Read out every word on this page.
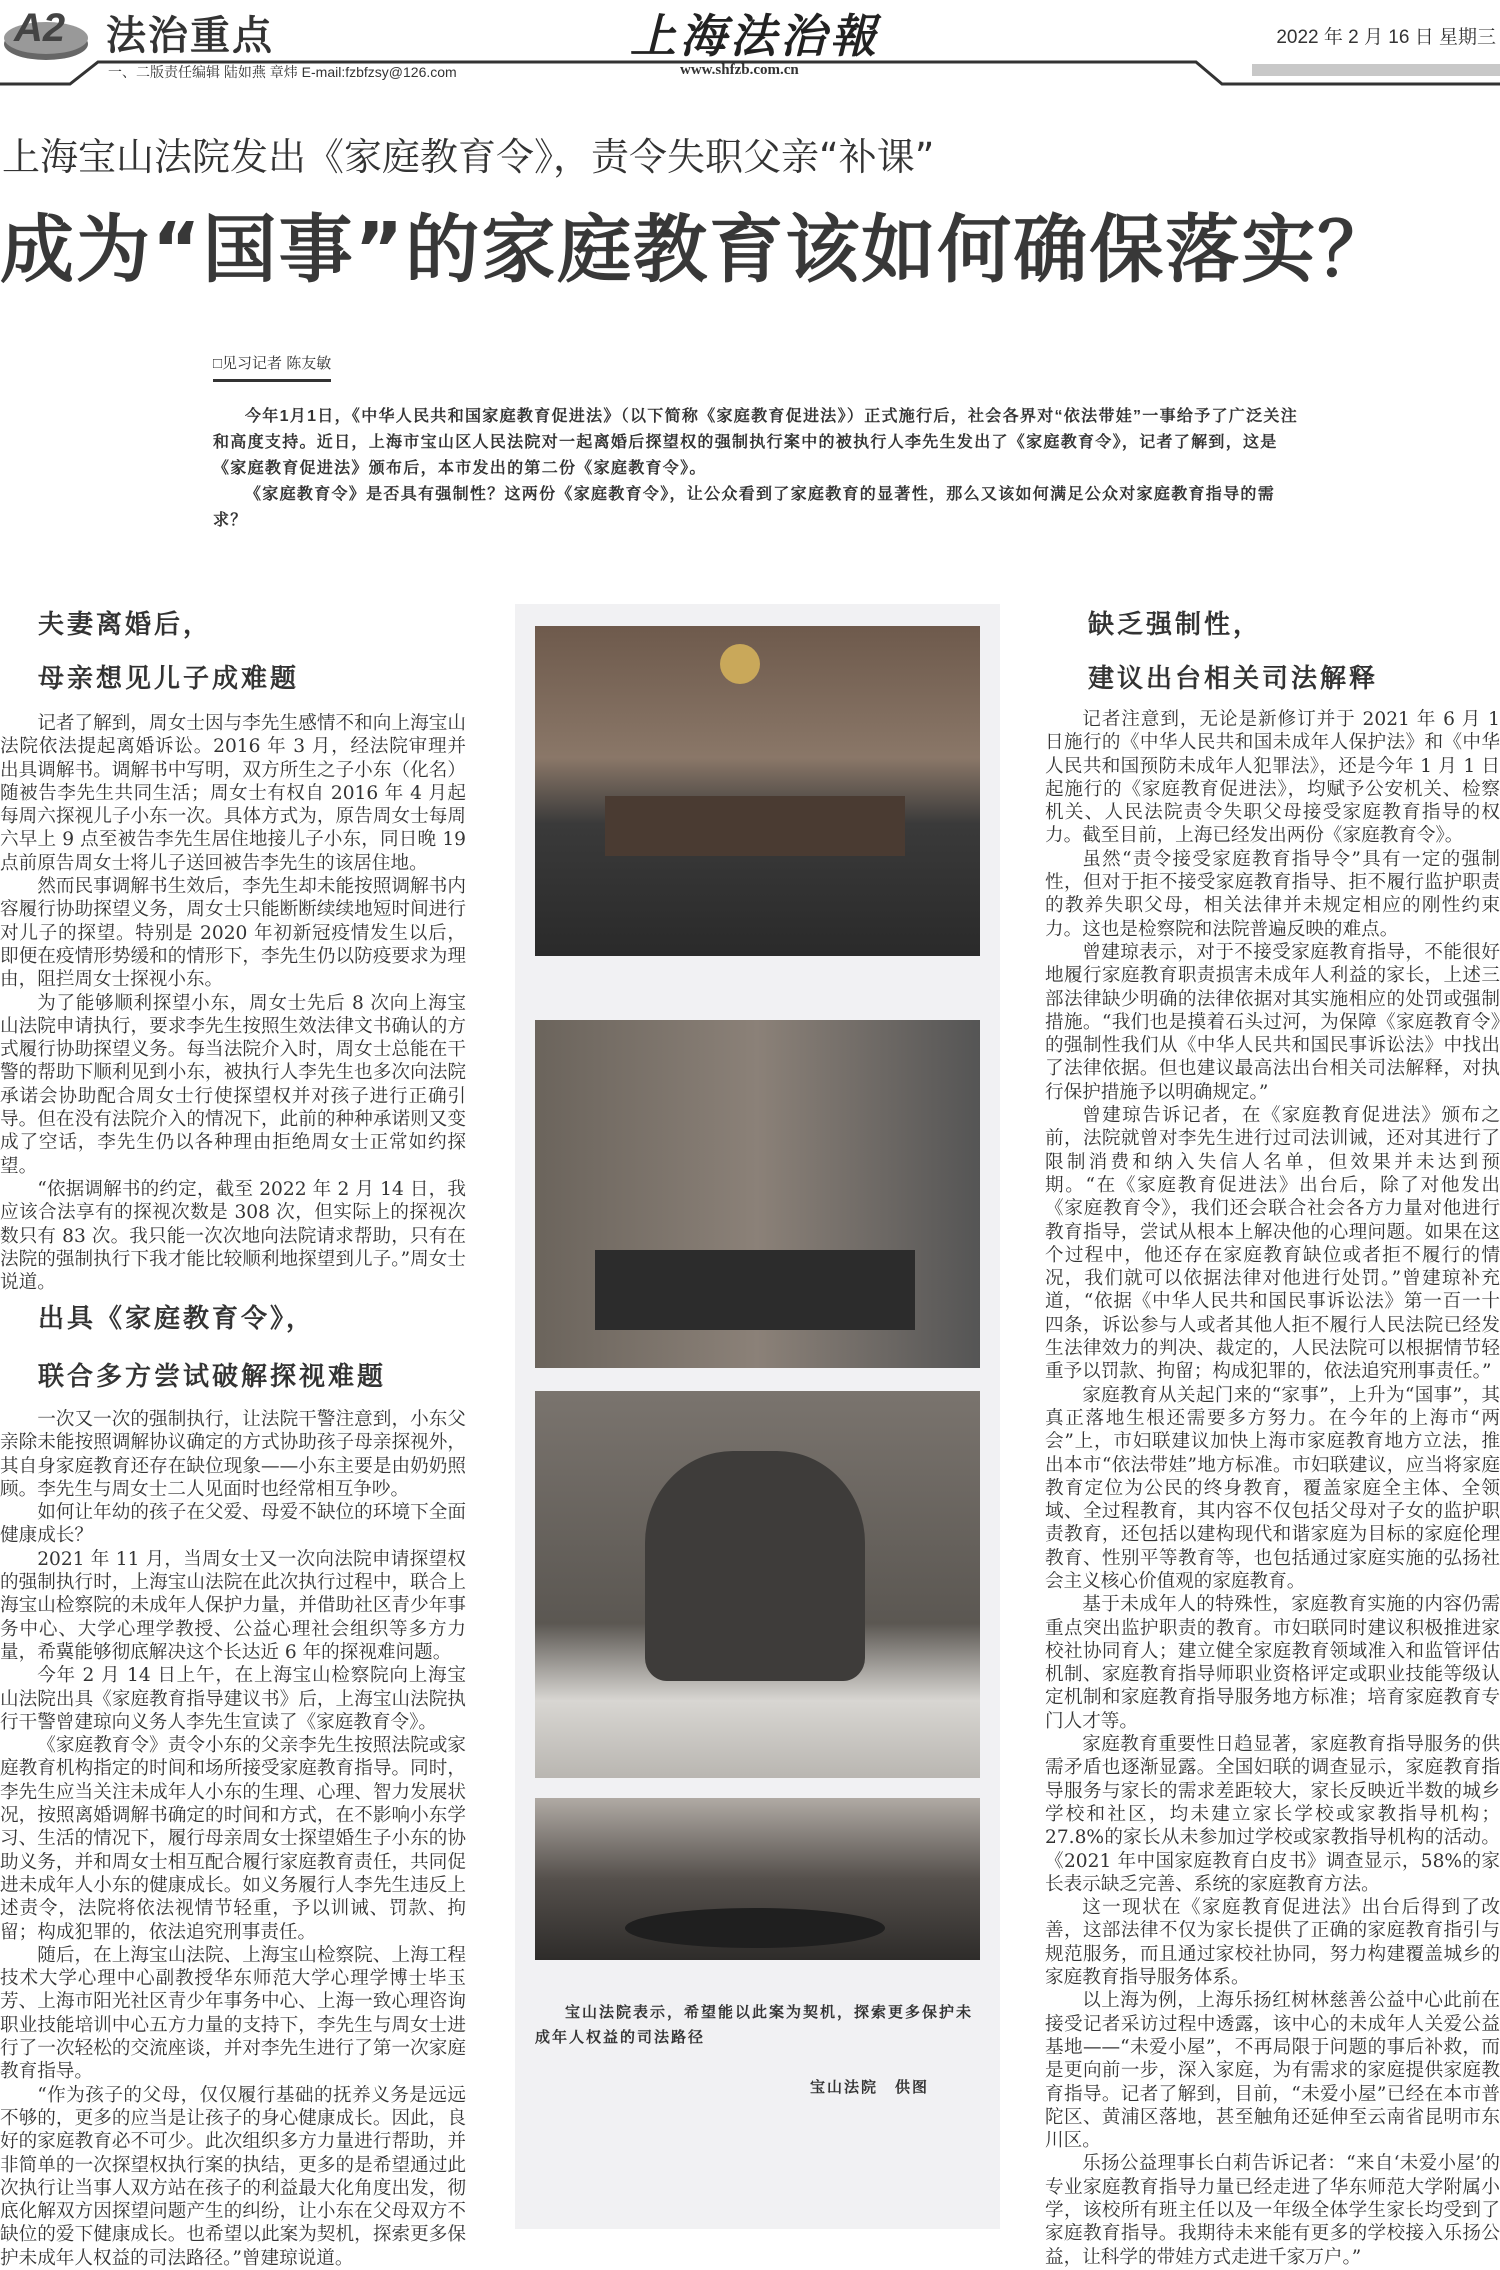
A2 法治重点	上海法治報	2022 年 2 月 16 日 星期三
一、二版责任编辑 陆如燕 章炜 E-mail:fzbfzsy@126.com	www.shfzb.com.cn
上海宝山法院发出《家庭教育令》，责令失职父亲“补课”
成为“国事”的家庭教育该如何确保落实？
□见习记者 陈友敏

今年1月1日，《中华人民共和国家庭教育促进法》（以下简称《家庭教育促进法》）正式施行后，社会各界对“依法带娃”一事给予了广泛关注和高度支持。近日，上海市宝山区人民法院对一起离婚后探望权的强制执行案中的被执行人李先生发出了《家庭教育令》，记者了解到，这是《家庭教育促进法》颁布后，本市发出的第二份《家庭教育令》。

《家庭教育令》是否具有强制性？这两份《家庭教育令》，让公众看到了家庭教育的显著性，那么又该如何满足公众对家庭教育指导的需求？

夫妻离婚后，
母亲想见儿子成难题

记者了解到，周女士因与李先生感情不和向上海宝山法院依法提起离婚诉讼。2016 年 3 月，经法院审理并出具调解书。调解书中写明，双方所生之子小东（化名）随被告李先生共同生活；周女士有权自 2016 年 4 月起每周六探视儿子小东一次。具体方式为，原告周女士每周六早上 9 点至被告李先生居住地接儿子小东，同日晚 19 点前原告周女士将儿子送回被告李先生的该居住地。

然而民事调解书生效后，李先生却未能按照调解书内容履行协助探望义务，周女士只能断断续续地短时间进行对儿子的探望。特别是 2020 年初新冠疫情发生以后，即便在疫情形势缓和的情形下，李先生仍以防疫要求为理由，阻拦周女士探视小东。

为了能够顺利探望小东，周女士先后 8 次向上海宝山法院申请执行，要求李先生按照生效法律文书确认的方式履行协助探望义务。每当法院介入时，周女士总能在干警的帮助下顺利见到小东，被执行人李先生也多次向法院承诺会协助配合周女士行使探望权并对孩子进行正确引导。但在没有法院介入的情况下，此前的种种承诺则又变成了空话，李先生仍以各种理由拒绝周女士正常如约探望。

“依据调解书的约定，截至 2022 年 2 月 14 日，我应该合法享有的探视次数是 308 次，但实际上的探视次数只有 83 次。我只能一次次地向法院请求帮助，只有在法院的强制执行下我才能比较顺利地探望到儿子。”周女士说道。

出具《家庭教育令》，
联合多方尝试破解探视难题

一次又一次的强制执行，让法院干警注意到，小东父亲除未能按照调解协议确定的方式协助孩子母亲探视外，其自身家庭教育还存在缺位现象——小东主要是由奶奶照顾。李先生与周女士二人见面时也经常相互争吵。

如何让年幼的孩子在父爱、母爱不缺位的环境下全面健康成长？

2021 年 11 月，当周女士又一次向法院申请探望权的强制执行时，上海宝山法院在此次执行过程中，联合上海宝山检察院的未成年人保护力量，并借助社区青少年事务中心、大学心理学教授、公益心理社会组织等多方力量，希冀能够彻底解决这个长达近 6 年的探视难问题。

今年 2 月 14 日上午，在上海宝山检察院向上海宝山法院出具《家庭教育指导建议书》后，上海宝山法院执行干警曾建琼向义务人李先生宣读了《家庭教育令》。

《家庭教育令》责令小东的父亲李先生按照法院或家庭教育机构指定的时间和场所接受家庭教育指导。同时，李先生应当关注未成年人小东的生理、心理、智力发展状况，按照离婚调解书确定的时间和方式，在不影响小东学习、生活的情况下，履行母亲周女士探望婚生子小东的协助义务，并和周女士相互配合履行家庭教育责任，共同促进未成年人小东的健康成长。如义务履行人李先生违反上述责令，法院将依法视情节轻重，予以训诫、罚款、拘留；构成犯罪的，依法追究刑事责任。

随后，在上海宝山法院、上海宝山检察院、上海工程技术大学心理中心副教授华东师范大学心理学博士毕玉芳、上海市阳光社区青少年事务中心、上海一致心理咨询职业技能培训中心五方力量的支持下，李先生与周女士进行了一次轻松的交流座谈，并对李先生进行了第一次家庭教育指导。

“作为孩子的父母，仅仅履行基础的抚养义务是远远不够的，更多的应当是让孩子的身心健康成长。因此，良好的家庭教育必不可少。此次组织多方力量进行帮助，并非简单的一次探望权执行案的执结，更多的是希望通过此次执行让当事人双方站在孩子的利益最大化角度出发，彻底化解双方因探望问题产生的纠纷，让小东在父母双方不缺位的爱下健康成长。也希望以此案为契机，探索更多保护未成年人权益的司法路径。”曾建琼说道。

宝山法院表示，希望能以此案为契机，探索更多保护未成年人权益的司法路径
宝山法院　供图
缺乏强制性，
建议出台相关司法解释

记者注意到，无论是新修订并于 2021 年 6 月 1 日施行的《中华人民共和国未成年人保护法》和《中华人民共和国预防未成年人犯罪法》，还是今年 1 月 1 日起施行的《家庭教育促进法》，均赋予公安机关、检察机关、人民法院责令失职父母接受家庭教育指导的权力。截至目前，上海已经发出两份《家庭教育令》。

虽然“责令接受家庭教育指导令”具有一定的强制性，但对于拒不接受家庭教育指导、拒不履行监护职责的教养失职父母，相关法律并未规定相应的刚性约束力。这也是检察院和法院普遍反映的难点。

曾建琼表示，对于不接受家庭教育指导，不能很好地履行家庭教育职责损害未成年人利益的家长，上述三部法律缺少明确的法律依据对其实施相应的处罚或强制措施。“我们也是摸着石头过河，为保障《家庭教育令》的强制性我们从《中华人民共和国民事诉讼法》中找出了法律依据。但也建议最高法出台相关司法解释，对执行保护措施予以明确规定。”

曾建琼告诉记者，在《家庭教育促进法》颁布之前，法院就曾对李先生进行过司法训诫，还对其进行了限制消费和纳入失信人名单，但效果并未达到预期。“在《家庭教育促进法》出台后，除了对他发出《家庭教育令》，我们还会联合社会各方力量对他进行教育指导，尝试从根本上解决他的心理问题。如果在这个过程中，他还存在家庭教育缺位或者拒不履行的情况，我们就可以依据法律对他进行处罚。”曾建琼补充道，“依据《中华人民共和国民事诉讼法》第一百一十四条，诉讼参与人或者其他人拒不履行人民法院已经发生法律效力的判决、裁定的，人民法院可以根据情节轻重予以罚款、拘留；构成犯罪的，依法追究刑事责任。”

家庭教育从关起门来的“家事”，上升为“国事”，其真正落地生根还需要多方努力。在今年的上海市“两会”上，市妇联建议加快上海市家庭教育地方立法，推出本市“依法带娃”地方标准。市妇联建议，应当将家庭教育定位为公民的终身教育，覆盖家庭全主体、全领域、全过程教育，其内容不仅包括父母对子女的监护职责教育，还包括以建构现代和谐家庭为目标的家庭伦理教育、性别平等教育等，也包括通过家庭实施的弘扬社会主义核心价值观的家庭教育。

基于未成年人的特殊性，家庭教育实施的内容仍需重点突出监护职责的教育。市妇联同时建议积极推进家校社协同育人；建立健全家庭教育领域准入和监管评估机制、家庭教育指导师职业资格评定或职业技能等级认定机制和家庭教育指导服务地方标准；培育家庭教育专门人才等。

家庭教育重要性日趋显著，家庭教育指导服务的供需矛盾也逐渐显露。全国妇联的调查显示，家庭教育指导服务与家长的需求差距较大，家长反映近半数的城乡学校和社区，均未建立家长学校或家教指导机构；27.8%的家长从未参加过学校或家教指导机构的活动。《2021 年中国家庭教育白皮书》调查显示，58%的家长表示缺乏完善、系统的家庭教育方法。

这一现状在《家庭教育促进法》出台后得到了改善，这部法律不仅为家长提供了正确的家庭教育指引与规范服务，而且通过家校社协同，努力构建覆盖城乡的家庭教育指导服务体系。

以上海为例，上海乐扬红树林慈善公益中心此前在接受记者采访过程中透露，该中心的未成年人关爱公益基地——“未爱小屋”，不再局限于问题的事后补救，而是更向前一步，深入家庭，为有需求的家庭提供家庭教育指导。记者了解到，目前，“未爱小屋”已经在本市普陀区、黄浦区落地，甚至触角还延伸至云南省昆明市东川区。

乐扬公益理事长白莉告诉记者：“来自‘未爱小屋’的专业家庭教育指导力量已经走进了华东师范大学附属小学，该校所有班主任以及一年级全体学生家长均受到了家庭教育指导。我期待未来能有更多的学校接入乐扬公益，让科学的带娃方式走进千家万户。”
